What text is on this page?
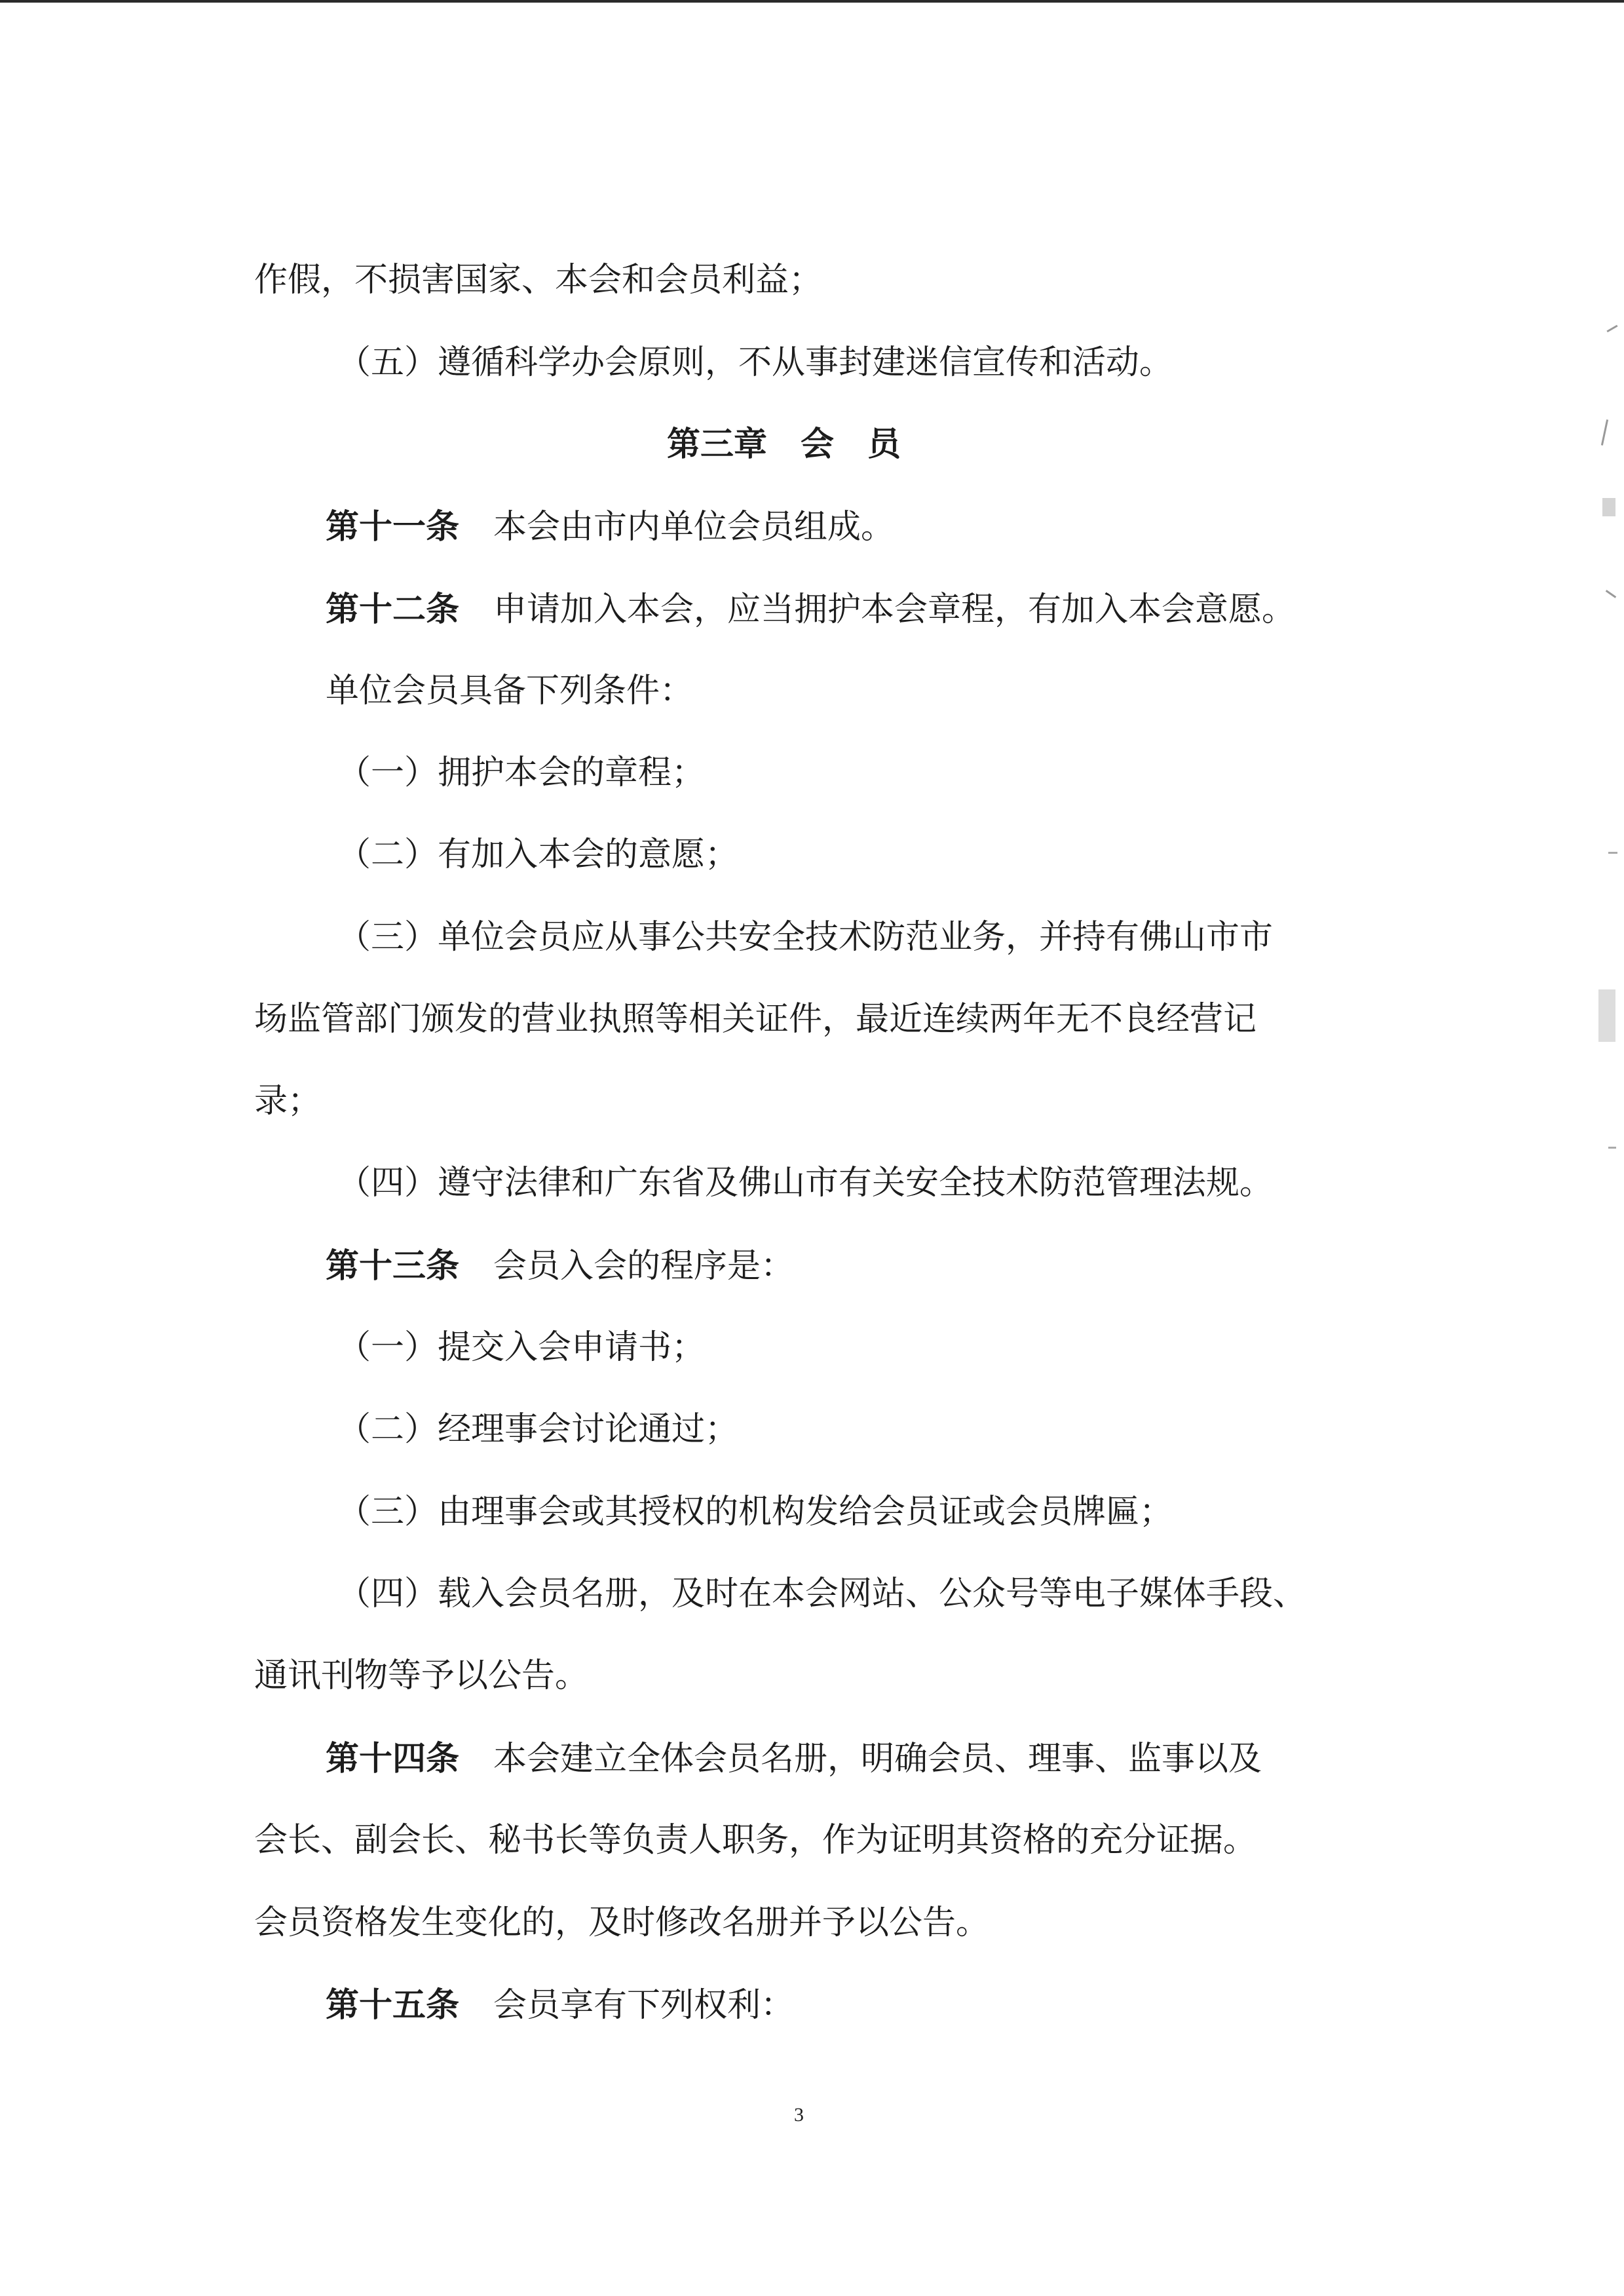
作假，不损害国家、本会和会员利益；
（五）遵循科学办会原则，不从事封建迷信宣传和活动。
第三章　会　员
第十一条 本会由市内单位会员组成。
第十二条 申请加入本会，应当拥护本会章程，有加入本会意愿。
单位会员具备下列条件：
（一）拥护本会的章程；
（二）有加入本会的意愿；
（三）单位会员应从事公共安全技术防范业务，并持有佛山市市
场监管部门颁发的营业执照等相关证件，最近连续两年无不良经营记
录；
（四）遵守法律和广东省及佛山市有关安全技术防范管理法规。
第十三条 会员入会的程序是：
（一）提交入会申请书；
（二）经理事会讨论通过；
（三）由理事会或其授权的机构发给会员证或会员牌匾；
（四）载入会员名册，及时在本会网站、公众号等电子媒体手段、
通讯刊物等予以公告。
第十四条 本会建立全体会员名册，明确会员、理事、监事以及
会长、副会长、秘书长等负责人职务，作为证明其资格的充分证据。
会员资格发生变化的，及时修改名册并予以公告。
第十五条 会员享有下列权利：
3
